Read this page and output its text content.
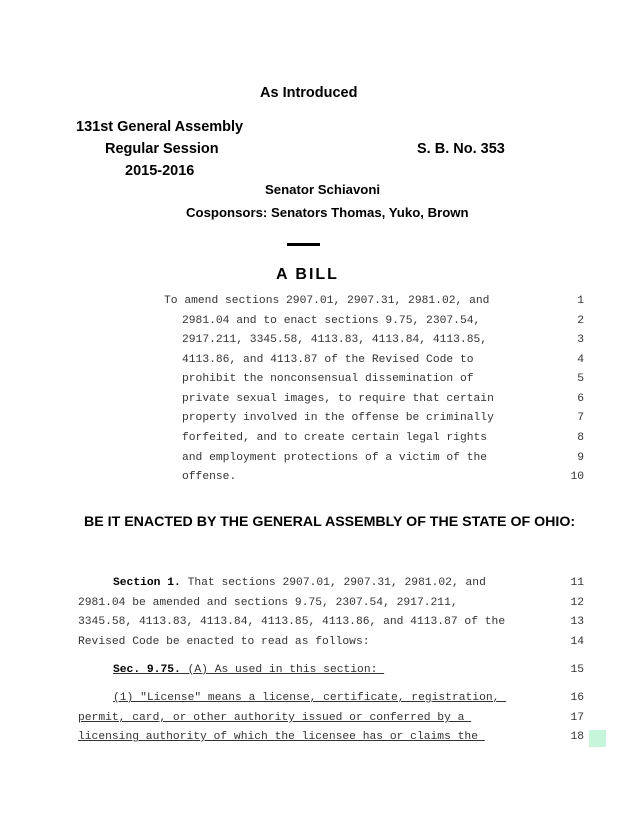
As Introduced
131st General Assembly
Regular Session	S. B. No. 353
2015-2016
Senator Schiavoni
Cosponsors: Senators Thomas, Yuko, Brown
A BILL
To amend sections 2907.01, 2907.31, 2981.02, and	1
2981.04 and to enact sections 9.75, 2307.54,	2
2917.211, 3345.58, 4113.83, 4113.84, 4113.85,	3
4113.86, and 4113.87 of the Revised Code to	4
prohibit the nonconsensual dissemination of	5
private sexual images, to require that certain	6
property involved in the offense be criminally	7
forfeited, and to create certain legal rights	8
and employment protections of a victim of the	9
offense.	10
BE IT ENACTED BY THE GENERAL ASSEMBLY OF THE STATE OF OHIO:
Section 1. That sections 2907.01, 2907.31, 2981.02, and	11
2981.04 be amended and sections 9.75, 2307.54, 2917.211,	12
3345.58, 4113.83, 4113.84, 4113.85, 4113.86, and 4113.87 of the	13
Revised Code be enacted to read as follows:	14
Sec. 9.75. (A) As used in this section:	15
(1) "License" means a license, certificate, registration,	16
permit, card, or other authority issued or conferred by a	17
licensing authority of which the licensee has or claims the	18
